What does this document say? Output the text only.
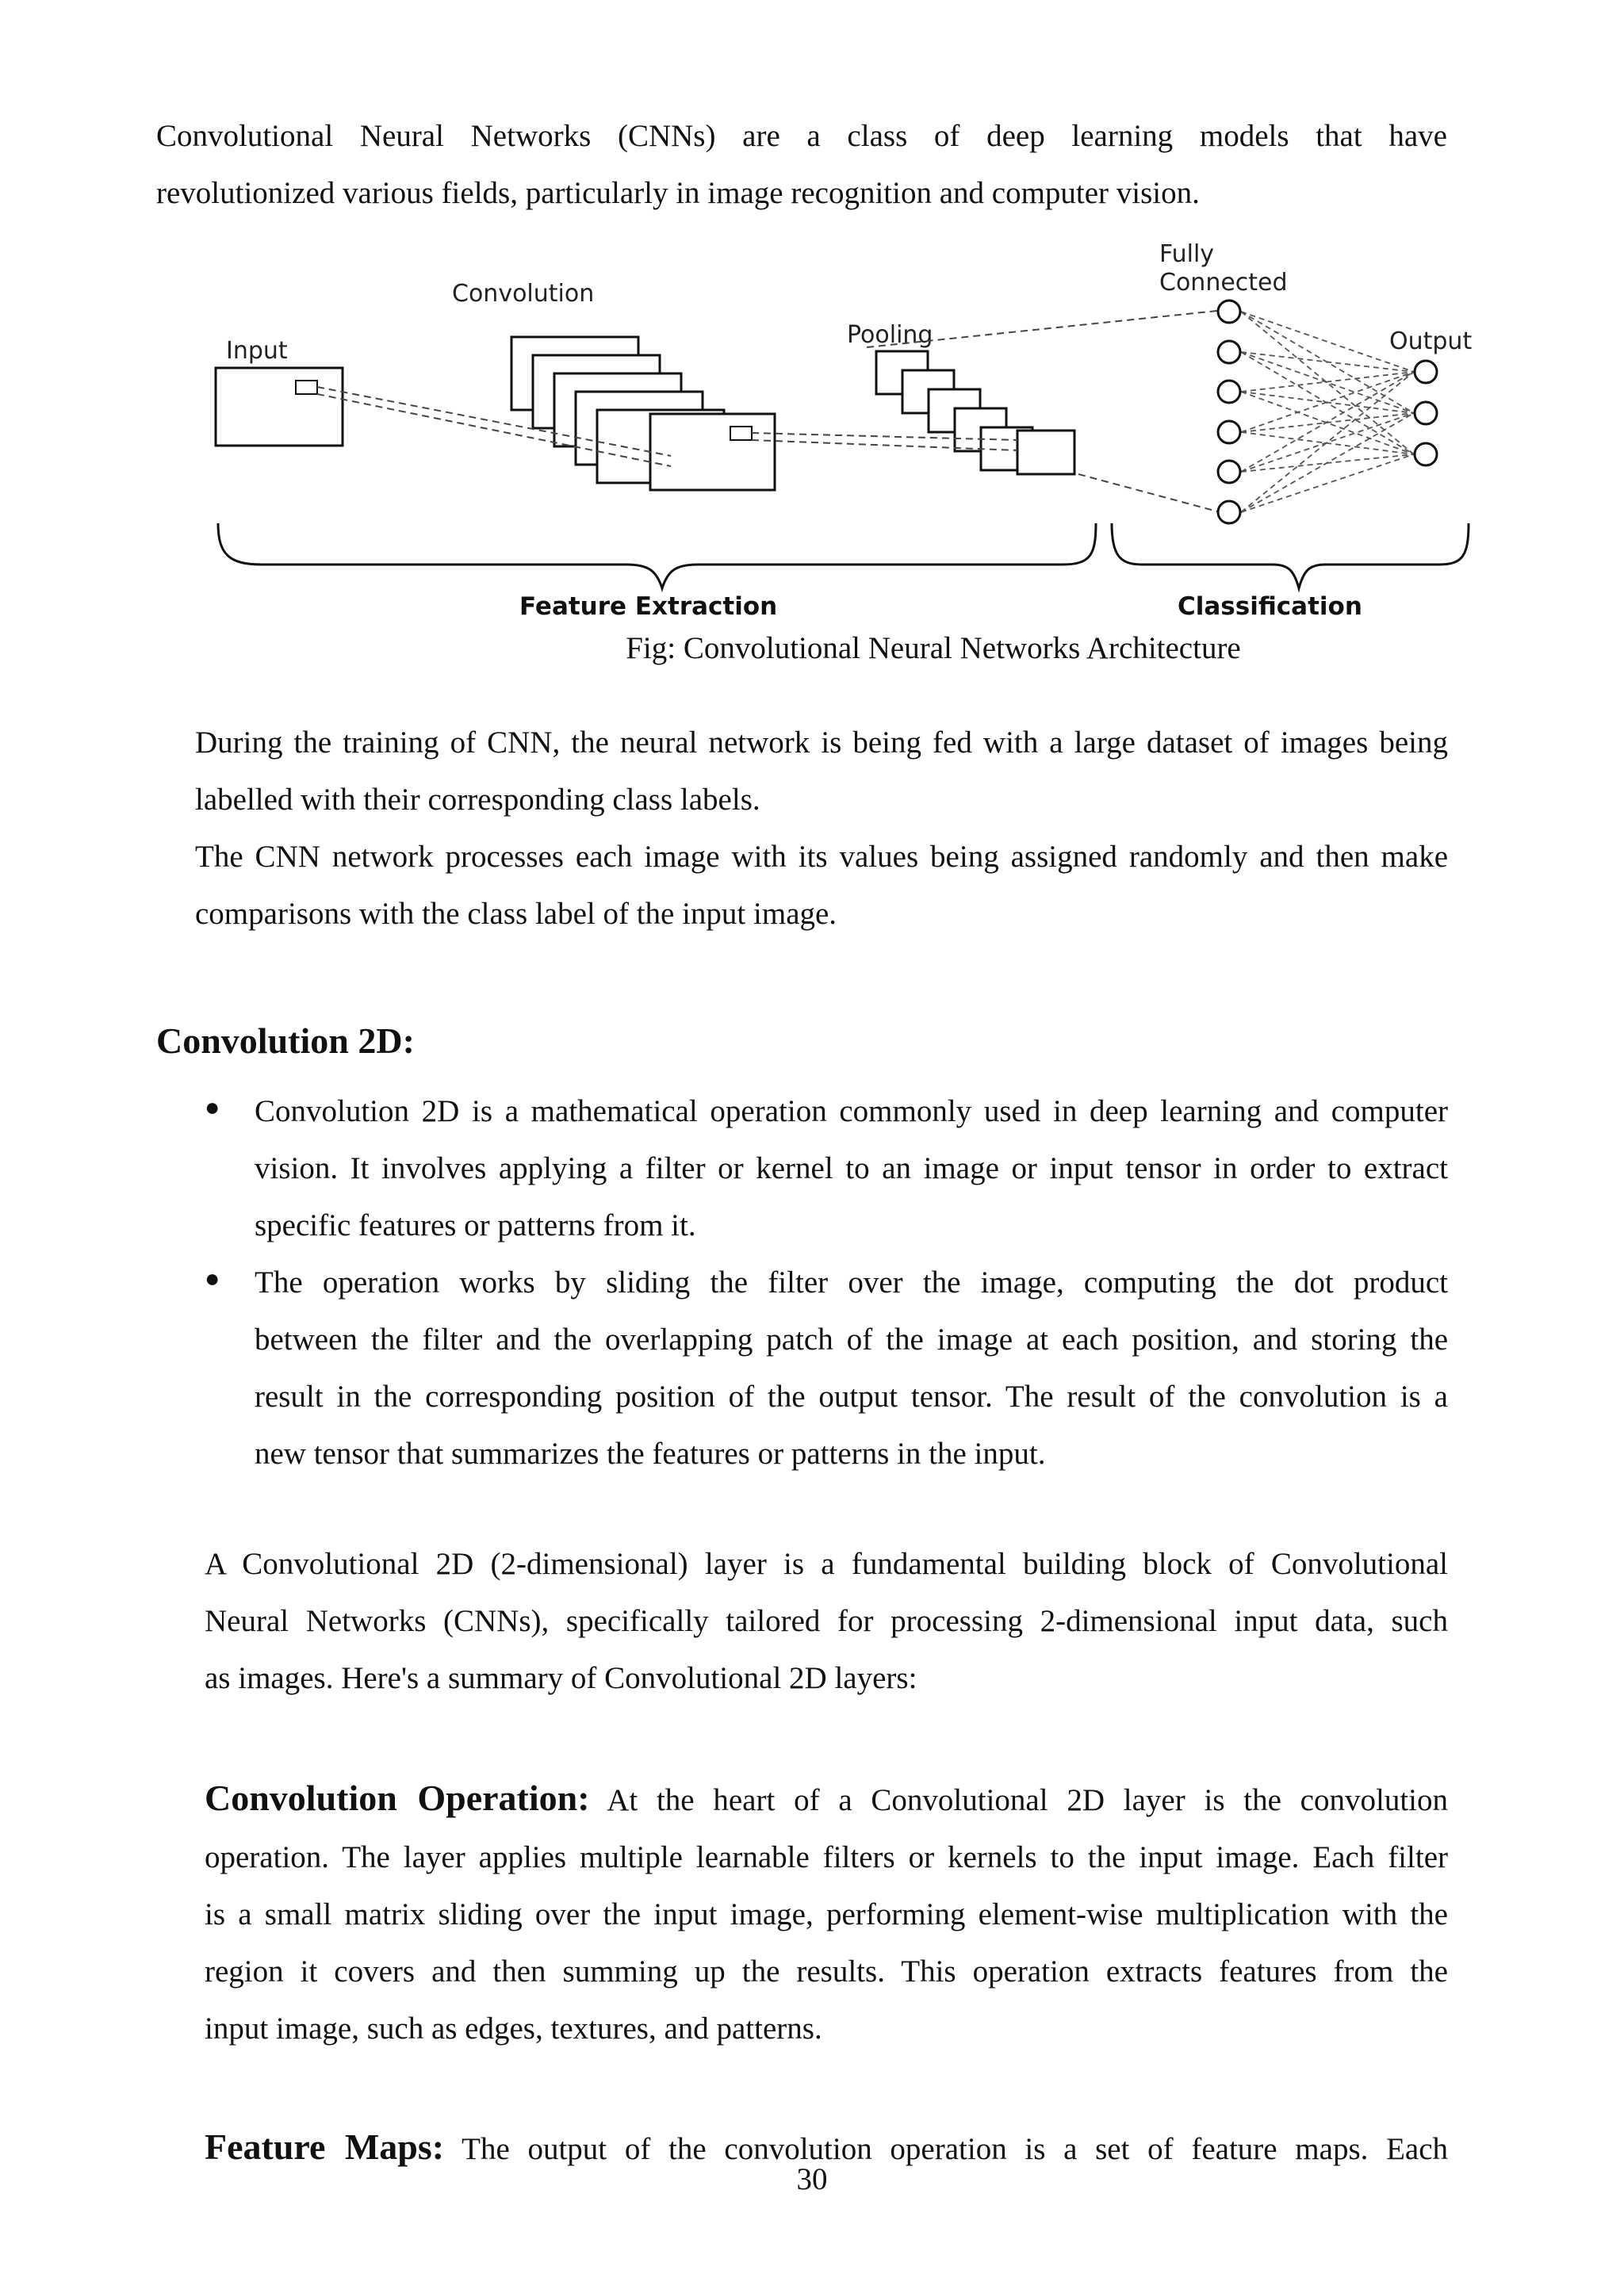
Convolutional Neural Networks (CNNs) are a class of deep learning models that have
revolutionized various fields, particularly in image recognition and computer vision.
Input
Convolution
Pooling
Fully
Connected
Output
Feature Extraction	Classification
Fig: Convolutional Neural Networks Architecture
During the training of CNN, the neural network is being fed with a large dataset of images being
labelled with their corresponding class labels.
The CNN network processes each image with its values being assigned randomly and then make
comparisons with the class label of the input image.
Convolution 2D:
● Convolution 2D is a mathematical operation commonly used in deep learning and computer
vision. It involves applying a filter or kernel to an image or input tensor in order to extract
specific features or patterns from it.
● The operation works by sliding the filter over the image, computing the dot product
between the filter and the overlapping patch of the image at each position, and storing the
result in the corresponding position of the output tensor. The result of the convolution is a
new tensor that summarizes the features or patterns in the input.
A Convolutional 2D (2-dimensional) layer is a fundamental building block of Convolutional
Neural Networks (CNNs), specifically tailored for processing 2-dimensional input data, such
as images. Here's a summary of Convolutional 2D layers:
Convolution Operation: At the heart of a Convolutional 2D layer is the convolution
operation. The layer applies multiple learnable filters or kernels to the input image. Each filter
is a small matrix sliding over the input image, performing element-wise multiplication with the
region it covers and then summing up the results. This operation extracts features from the
input image, such as edges, textures, and patterns.
Feature Maps: The output of the convolution operation is a set of feature maps. Each
30
